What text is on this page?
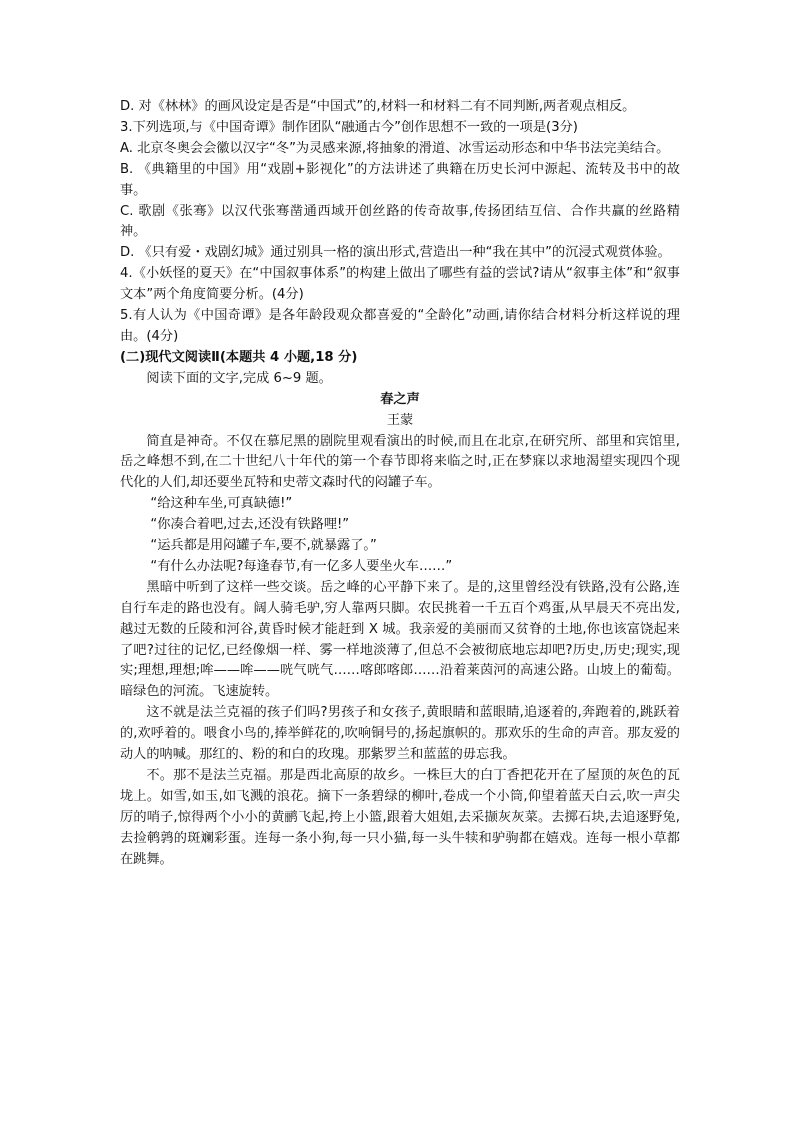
D. 对《林林》的画风设定是否是“中国式”的,材料一和材料二有不同判断,两者观点相反。

3.下列选项,与《中国奇谭》制作团队“融通古今”创作思想不一致的一项是(3分)

A. 北京冬奥会会徽以汉字“冬”为灵感来源,将抽象的滑道、冰雪运动形态和中华书法完美结合。

B. 《典籍里的中国》用“戏剧+影视化”的方法讲述了典籍在历史长河中源起、流转及书中的故事。

C. 歌剧《张骞》以汉代张骞凿通西域开创丝路的传奇故事,传扬团结互信、合作共赢的丝路精神。

D. 《只有爱・戏剧幻城》通过别具一格的演出形式,营造出一种“我在其中”的沉浸式观赏体验。

4.《小妖怪的夏天》在“中国叙事体系”的构建上做出了哪些有益的尝试?请从“叙事主体”和“叙事文本”两个角度简要分析。(4分)

5.有人认为《中国奇谭》是各年龄段观众都喜爱的“全龄化”动画,请你结合材料分析这样说的理由。(4分)

(二)现代文阅读Ⅱ(本题共 4 小题,18 分)

阅读下面的文字,完成 6~9 题。

春之声

王蒙

简直是神奇。不仅在慕尼黑的剧院里观看演出的时候,而且在北京,在研究所、部里和宾馆里,岳之峰想不到,在二十世纪八十年代的第一个春节即将来临之时,正在梦寐以求地渴望实现四个现代化的人们,却还要坐瓦特和史蒂文森时代的闷罐子车。

“给这种车坐,可真缺德!”

“你凑合着吧,过去,还没有铁路哩!”

“运兵都是用闷罐子车,要不,就暴露了。”

“有什么办法呢?每逢春节,有一亿多人要坐火车……”

黑暗中听到了这样一些交谈。岳之峰的心平静下来了。是的,这里曾经没有铁路,没有公路,连自行车走的路也没有。阔人骑毛驴,穷人靠两只脚。农民挑着一千五百个鸡蛋,从早晨天不亮出发,越过无数的丘陵和河谷,黄昏时候才能赶到 X 城。我亲爱的美丽而又贫脊的土地,你也该富饶起来了吧?过往的记忆,已经像烟一样、雾一样地淡薄了,但总不会被彻底地忘却吧?历史,历史;现实,现实;理想,理想;哞——哞——咣气咣气……喀郎喀郎……沿着莱茵河的高速公路。山坡上的葡萄。暗绿色的河流。飞速旋转。

这不就是法兰克福的孩子们吗?男孩子和女孩子,黄眼睛和蓝眼睛,追逐着的,奔跑着的,跳跃着的,欢呼着的。喂食小鸟的,捧举鲜花的,吹响铜号的,扬起旗帜的。那欢乐的生命的声音。那友爱的动人的呐喊。那红的、粉的和白的玫瑰。那紫罗兰和蓝蓝的毋忘我。

不。那不是法兰克福。那是西北高原的故乡。一株巨大的白丁香把花开在了屋顶的灰色的瓦垅上。如雪,如玉,如飞溅的浪花。摘下一条碧绿的柳叶,卷成一个小筒,仰望着蓝天白云,吹一声尖厉的哨子,惊得两个小小的黄鹂飞起,挎上小篮,跟着大姐姐,去采撷灰灰菜。去掷石块,去追逐野兔,去捡鹌鹑的斑斓彩蛋。连每一条小狗,每一只小猫,每一头牛犊和驴驹都在嬉戏。连每一根小草都在跳舞。
